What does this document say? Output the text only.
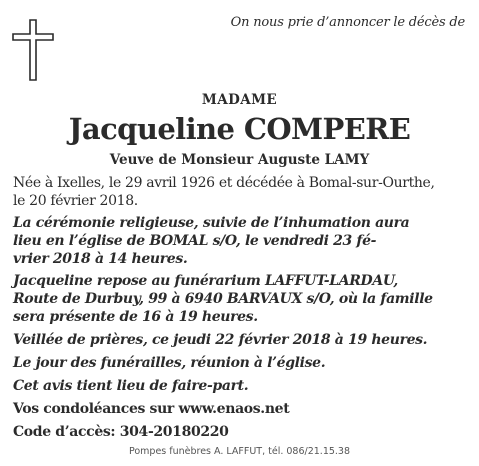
On nous prie d’annoncer le décès de
MADAME
Jacqueline COMPERE
Veuve de Monsieur Auguste LAMY
Née à Ixelles, le 29 avril 1926 et décédée à Bomal-sur-Ourthe,
le 20 février 2018.
La cérémonie religieuse, suivie de l’inhumation aura
lieu en l’église de BOMAL s/O, le vendredi 23 fé-
vrier 2018 à 14 heures.
Jacqueline repose au funérarium LAFFUT-LARDAU,
Route de Durbuy, 99 à 6940 BARVAUX s/O, où la famille
sera présente de 16 à 19 heures.
Veillée de prières, ce jeudi 22 février 2018 à 19 heures.
Le jour des funérailles, réunion à l’église.
Cet avis tient lieu de faire-part.
Vos condoléances sur www.enaos.net
Code d’accès: 304-20180220
Pompes funèbres A. LAFFUT, tél. 086/21.15.38
